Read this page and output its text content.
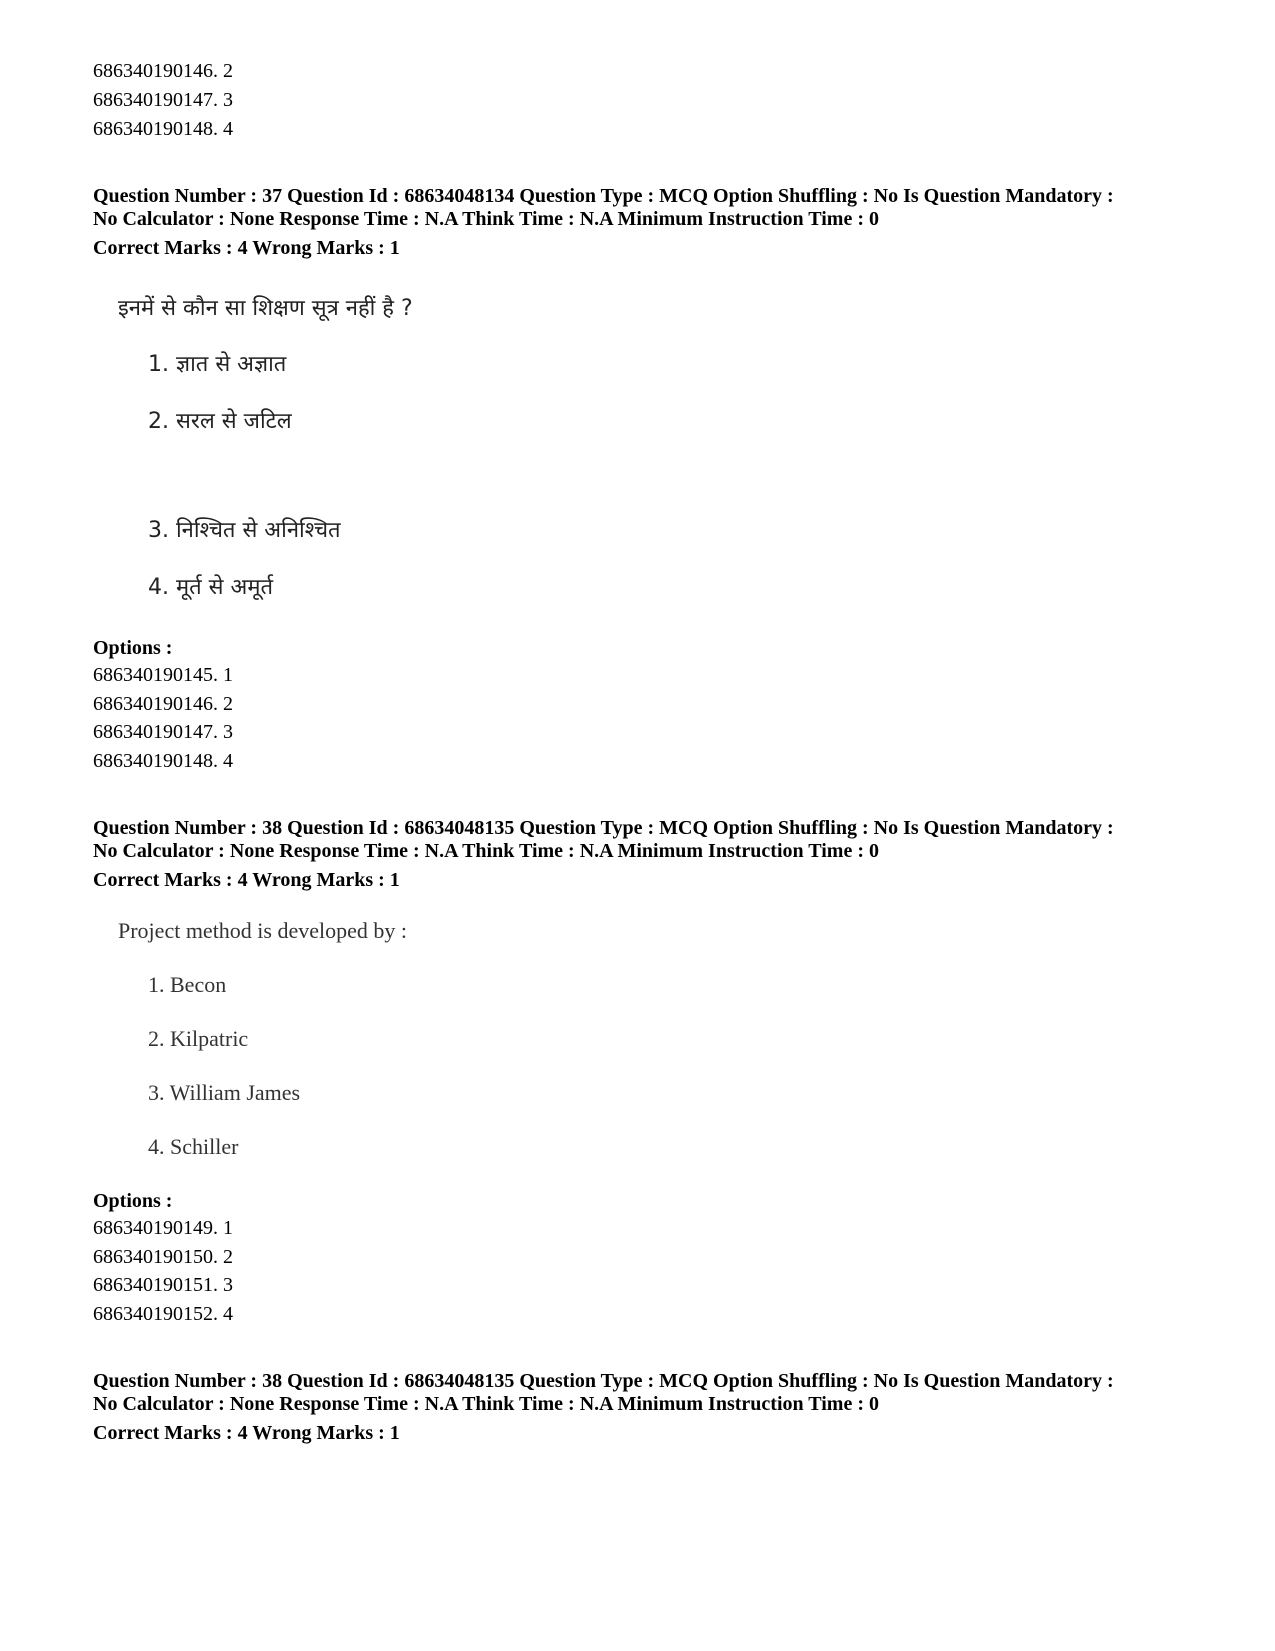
686340190146. 2
686340190147. 3
686340190148. 4
Question Number : 37 Question Id : 68634048134 Question Type : MCQ Option Shuffling : No Is Question Mandatory :
No Calculator : None Response Time : N.A Think Time : N.A Minimum Instruction Time : 0
Correct Marks : 4 Wrong Marks : 1
इनमें से कौन सा शिक्षण सूत्र नहीं है ?
1. ज्ञात से अज्ञात
2. सरल से जटिल
3. निश्चित से अनिश्चित
4. मूर्त से अमूर्त
Options :
686340190145. 1
686340190146. 2
686340190147. 3
686340190148. 4
Question Number : 38 Question Id : 68634048135 Question Type : MCQ Option Shuffling : No Is Question Mandatory :
No Calculator : None Response Time : N.A Think Time : N.A Minimum Instruction Time : 0
Correct Marks : 4 Wrong Marks : 1
Project method is developed by :
1. Becon
2. Kilpatric
3. William James
4. Schiller
Options :
686340190149. 1
686340190150. 2
686340190151. 3
686340190152. 4
Question Number : 38 Question Id : 68634048135 Question Type : MCQ Option Shuffling : No Is Question Mandatory :
No Calculator : None Response Time : N.A Think Time : N.A Minimum Instruction Time : 0
Correct Marks : 4 Wrong Marks : 1
